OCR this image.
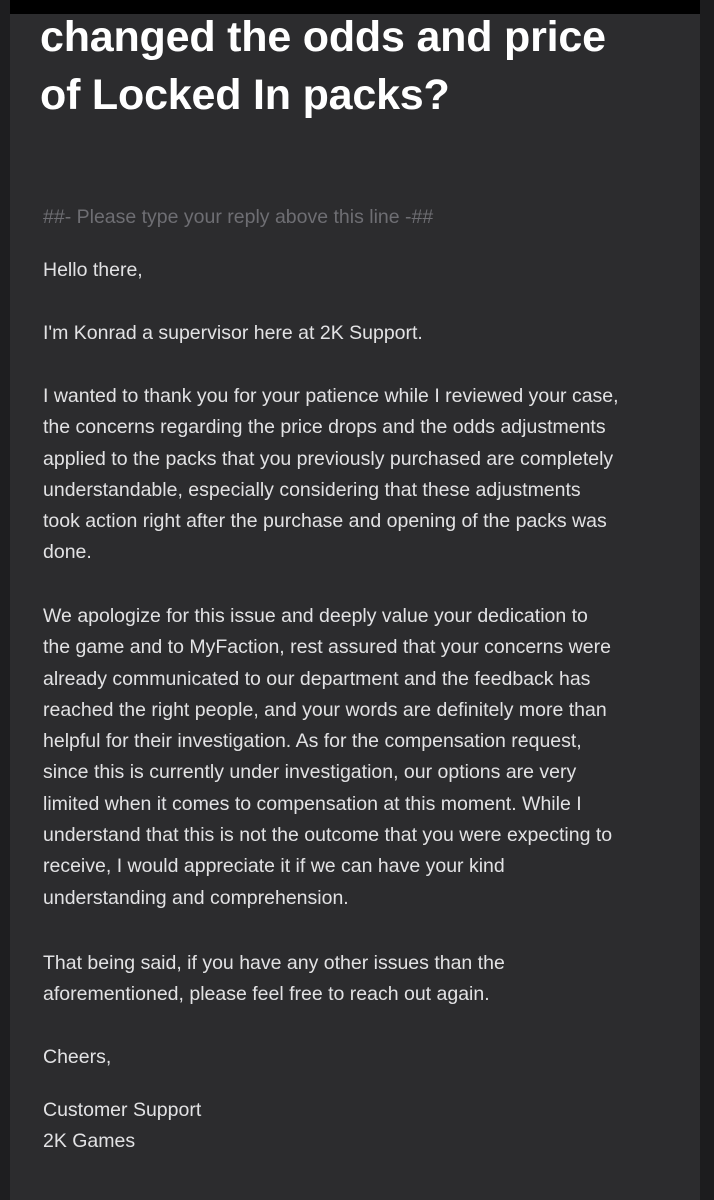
changed the odds and price
of Locked In packs?

##- Please type your reply above this line -##

Hello there,

I'm Konrad a supervisor here at 2K Support.

I wanted to thank you for your patience while I reviewed your case,
the concerns regarding the price drops and the odds adjustments
applied to the packs that you previously purchased are completely
understandable, especially considering that these adjustments
took action right after the purchase and opening of the packs was
done.

We apologize for this issue and deeply value your dedication to
the game and to MyFaction, rest assured that your concerns were
already communicated to our department and the feedback has
reached the right people, and your words are definitely more than
helpful for their investigation. As for the compensation request,
since this is currently under investigation, our options are very
limited when it comes to compensation at this moment. While I
understand that this is not the outcome that you were expecting to
receive, I would appreciate it if we can have your kind
understanding and comprehension.

That being said, if you have any other issues than the
aforementioned, please feel free to reach out again.

Cheers,

Customer Support
2K Games
